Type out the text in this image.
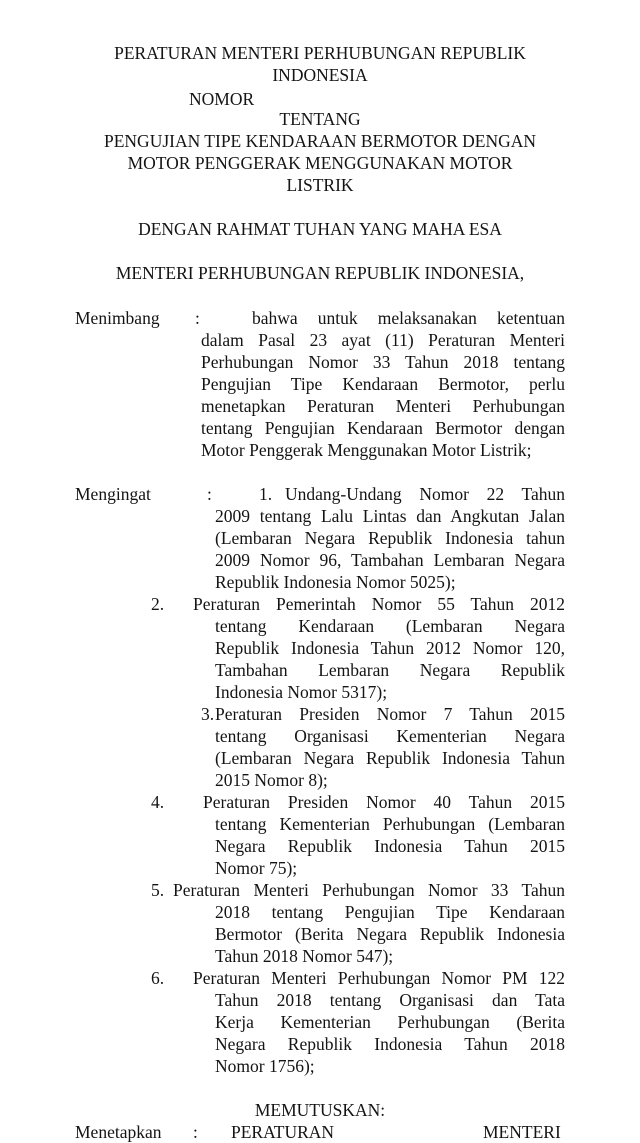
PERATURAN MENTERI PERHUBUNGAN REPUBLIK
INDONESIA
NOMOR
TENTANG
PENGUJIAN TIPE KENDARAAN BERMOTOR DENGAN
MOTOR PENGGERAK MENGGUNAKAN MOTOR
LISTRIK
DENGAN RAHMAT TUHAN YANG MAHA ESA
MENTERI PERHUBUNGAN REPUBLIK INDONESIA,
Menimbang :	bahwa untuk melaksanakan ketentuan
dalam Pasal 23 ayat (11) Peraturan Menteri
Perhubungan Nomor 33 Tahun 2018 tentang
Pengujian Tipe Kendaraan Bermotor, perlu
menetapkan Peraturan Menteri Perhubungan
tentang Pengujian Kendaraan Bermotor dengan
Motor Penggerak Menggunakan Motor Listrik;
Mengingat	:	1. Undang-Undang Nomor 22 Tahun
2009 tentang Lalu Lintas dan Angkutan Jalan
(Lembaran Negara Republik Indonesia tahun
2009 Nomor 96, Tambahan Lembaran Negara
Republik Indonesia Nomor 5025);
2. Peraturan Pemerintah Nomor 55 Tahun 2012
tentang Kendaraan (Lembaran Negara
Republik Indonesia Tahun 2012 Nomor 120,
Tambahan Lembaran Negara Republik
Indonesia Nomor 5317);
3. Peraturan Presiden Nomor 7 Tahun 2015
tentang Organisasi Kementerian Negara
(Lembaran Negara Republik Indonesia Tahun
2015 Nomor 8);
4. Peraturan Presiden Nomor 40 Tahun 2015
tentang Kementerian Perhubungan (Lembaran
Negara Republik Indonesia Tahun 2015
Nomor 75);
5. Peraturan Menteri Perhubungan Nomor 33 Tahun
2018 tentang Pengujian Tipe Kendaraan
Bermotor (Berita Negara Republik Indonesia
Tahun 2018 Nomor 547);
6. Peraturan Menteri Perhubungan Nomor PM 122
Tahun 2018 tentang Organisasi dan Tata
Kerja Kementerian Perhubungan (Berita
Negara Republik Indonesia Tahun 2018
Nomor 1756);
MEMUTUSKAN:
Menetapkan : PERATURAN	MENTERI
